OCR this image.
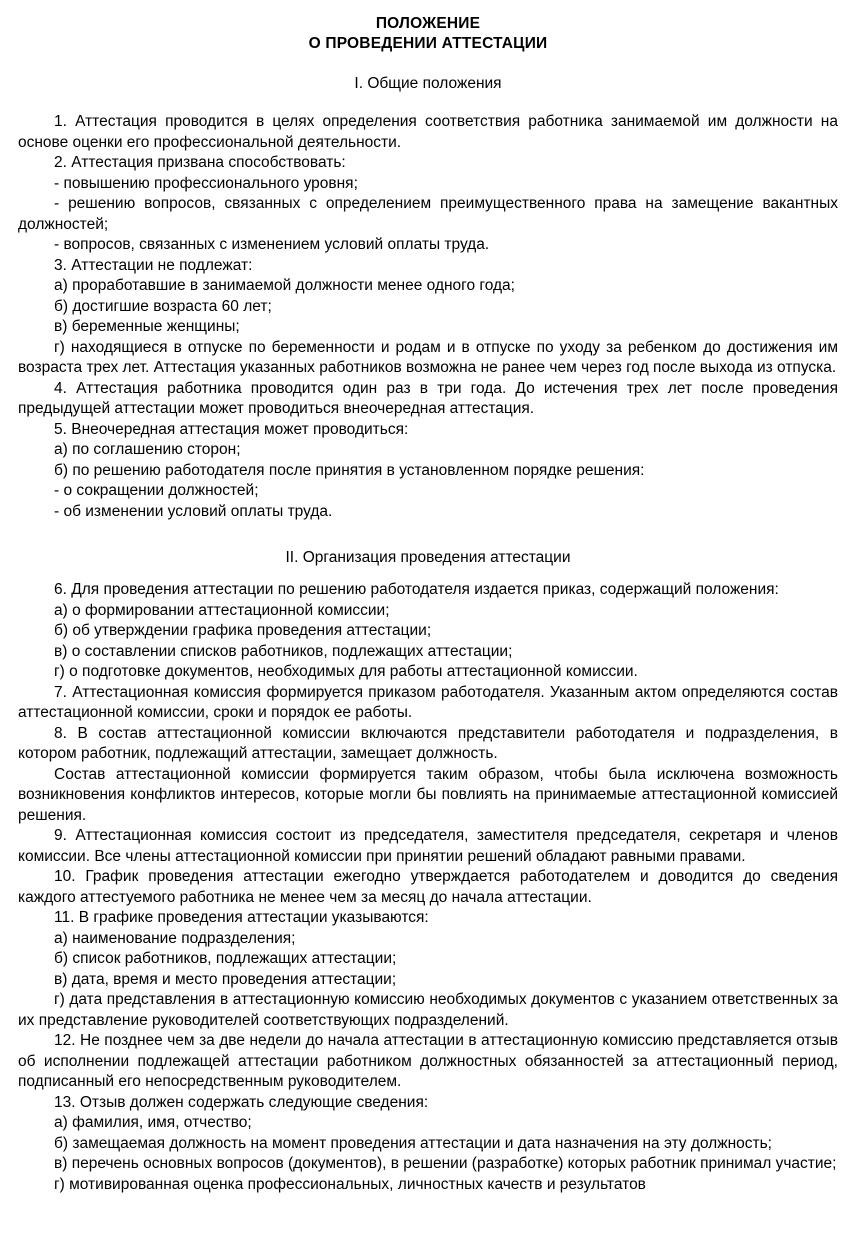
ПОЛОЖЕНИЕ
О ПРОВЕДЕНИИ АТТЕСТАЦИИ
I. Общие положения

1. Аттестация проводится в целях определения соответствия работника занимаемой им должности на основе оценки его профессиональной деятельности.

2. Аттестация призвана способствовать:

- повышению профессионального уровня;

- решению вопросов, связанных с определением преимущественного права на замещение вакантных должностей;

- вопросов, связанных с изменением условий оплаты труда.

3. Аттестации не подлежат:

а) проработавшие в занимаемой должности менее одного года;

б) достигшие возраста 60 лет;

в) беременные женщины;

г) находящиеся в отпуске по беременности и родам и в отпуске по уходу за ребенком до достижения им возраста трех лет. Аттестация указанных работников возможна не ранее чем через год после выхода из отпуска.

4. Аттестация работника проводится один раз в три года. До истечения трех лет после проведения предыдущей аттестации может проводиться внеочередная аттестация.

5. Внеочередная аттестация может проводиться:

а) по соглашению сторон;

б) по решению работодателя после принятия в установленном порядке решения:

- о сокращении должностей;

- об изменении условий оплаты труда.

II. Организация проведения аттестации

6. Для проведения аттестации по решению работодателя издается приказ, содержащий положения:

а) о формировании аттестационной комиссии;

б) об утверждении графика проведения аттестации;

в) о составлении списков работников, подлежащих аттестации;

г) о подготовке документов, необходимых для работы аттестационной комиссии.

7. Аттестационная комиссия формируется приказом работодателя. Указанным актом определяются состав аттестационной комиссии, сроки и порядок ее работы.

8. В состав аттестационной комиссии включаются представители работодателя и подразделения, в котором работник, подлежащий аттестации, замещает должность.

Состав аттестационной комиссии формируется таким образом, чтобы была исключена возможность возникновения конфликтов интересов, которые могли бы повлиять на принимаемые аттестационной комиссией решения.

9. Аттестационная комиссия состоит из председателя, заместителя председателя, секретаря и членов комиссии. Все члены аттестационной комиссии при принятии решений обладают равными правами.

10. График проведения аттестации ежегодно утверждается работодателем и доводится до сведения каждого аттестуемого работника не менее чем за месяц до начала аттестации.

11. В графике проведения аттестации указываются:

а) наименование подразделения;

б) список работников, подлежащих аттестации;

в) дата, время и место проведения аттестации;

г) дата представления в аттестационную комиссию необходимых документов с указанием ответственных за их представление руководителей соответствующих подразделений.

12. Не позднее чем за две недели до начала аттестации в аттестационную комиссию представляется отзыв об исполнении подлежащей аттестации работником должностных обязанностей за аттестационный период, подписанный его непосредственным руководителем.

13. Отзыв должен содержать следующие сведения:

а) фамилия, имя, отчество;

б) замещаемая должность на момент проведения аттестации и дата назначения на эту должность;

в) перечень основных вопросов (документов), в решении (разработке) которых работник принимал участие;

г) мотивированная оценка профессиональных, личностных качеств и результатов
